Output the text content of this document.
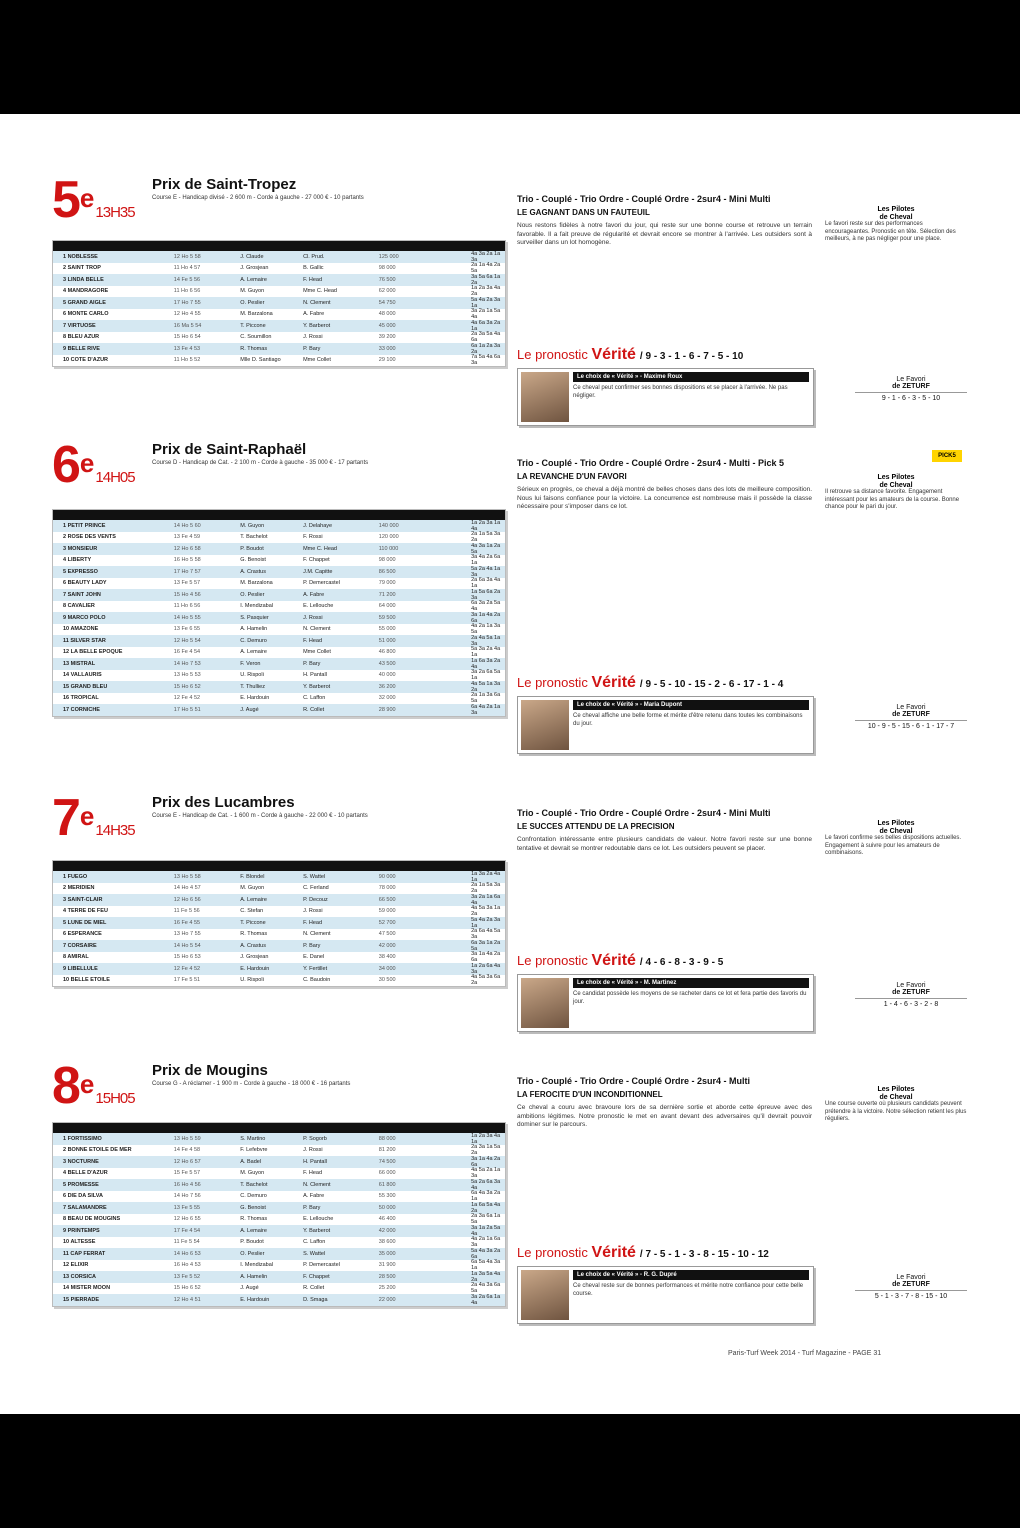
5e 13H35
Prix de Saint-Tropez
Course E - Handicap divisé - 2 600 m - Corde à gauche - 27 000 € - 10 partants
1 NOBLESSE	12 Ho 5 58	J. Claude	Cl. Prud.	125 000	4a 3a 2a 1a 3a
2 SAINT TROP	11 Ho 4 57	J. Grosjean	B. Gallic	98 000	2a 1a 4a 2a 5a
3 LINDA BELLE	14 Fe 5 56	A. Lemaire	F. Head	76 500	3a 5a 6a 1a 2a
4 MANDRAGORE	11 Ho 6 56	M. Guyon	Mme C. Head	62 000	1a 2a 3a 4a 2a
5 GRAND AIGLE	17 Ho 7 55	O. Peslier	N. Clement	54 750	5a 4a 2a 3a 1a
6 MONTE CARLO	12 Ho 4 55	M. Barzalona	A. Fabre	48 000	3a 2a 1a 5a 4a
7 VIRTUOSE	16 Ma 5 54	T. Piccone	Y. Barberot	45 000	4a 6a 3a 2a 1a
8 BLEU AZUR	15 Ho 6 54	C. Soumillon	J. Rossi	39 200	2a 3a 5a 4a 6a
9 BELLE RIVE	13 Fe 4 53	R. Thomas	P. Bary	33 000	6a 1a 2a 3a 2a
10 COTE D'AZUR	11 Ho 5 52	Mlle D. Santiago	Mme Collet	29 100	7a 5a 4a 6a 3a
Trio - Couplé - Trio Ordre - Couplé Ordre - 2sur4 - Mini Multi
LE GAGNANT DANS UN FAUTEUIL
Nous restons fidèles à notre favori du jour, qui reste sur une bonne course et retrouve un terrain favorable. Il a fait preuve de régularité et devrait encore se montrer à l'arrivée. Les outsiders sont à surveiller dans un lot homogène.
Les Pilotes
de Cheval
Le favori reste sur des performances encourageantes. Pronostic en tête. Sélection des meilleurs, à ne pas négliger pour une place.
Le pronostic Vérité / 9 - 3 - 1 - 6 - 7 - 5 - 10
Le choix de « Vérité » - Maxime Roux
Ce cheval peut confirmer ses bonnes dispositions et se placer à l'arrivée. Ne pas négliger.
Le Favori
de ZETURF
9 - 1 - 6 - 3 - 5 - 10
6e 14H05
Prix de Saint-Raphaël
Course D - Handicap de Cat. - 2 100 m - Corde à gauche - 35 000 € - 17 partants
1 PETIT PRINCE	14 Ho 5 60	M. Guyon	J. Delahaye	140 000	1a 2a 3a 1a 4a
2 ROSE DES VENTS	13 Fe 4 59	T. Bachelot	F. Rossi	120 000	2a 1a 5a 3a 2a
3 MONSIEUR	12 Ho 6 58	P. Boudot	Mme C. Head	110 000	4a 3a 1a 2a 5a
4 LIBERTY	16 Ho 5 58	G. Benoist	F. Chappet	98 000	3a 4a 2a 6a 1a
5 EXPRESSO	17 Ho 7 57	A. Crastus	J.M. Capitte	86 500	5a 2a 4a 1a 3a
6 BEAUTY LADY	13 Fe 5 57	M. Barzalona	P. Demercastel	79 000	2a 6a 3a 4a 1a
7 SAINT JOHN	15 Ho 4 56	O. Peslier	A. Fabre	71 200	1a 5a 6a 2a 3a
8 CAVALIER	11 Ho 6 56	I. Mendizabal	E. Lellouche	64 000	6a 3a 2a 5a 4a
9 MARCO POLO	14 Ho 5 55	S. Pasquier	J. Rossi	59 500	3a 1a 4a 2a 6a
10 AMAZONE	13 Fe 6 55	A. Hamelin	N. Clement	55 000	4a 2a 1a 3a 5a
11 SILVER STAR	12 Ho 5 54	C. Demuro	F. Head	51 000	2a 4a 5a 1a 3a
12 LA BELLE EPOQUE	16 Fe 4 54	A. Lemaire	Mme Collet	46 800	5a 3a 2a 4a 1a
13 MISTRAL	14 Ho 7 53	F. Veron	P. Bary	43 500	1a 6a 3a 2a 4a
14 VALLAURIS	13 Ho 5 53	U. Rispoli	H. Pantall	40 000	3a 2a 6a 5a 1a
15 GRAND BLEU	15 Ho 6 52	T. Thulliez	Y. Barberot	36 200	4a 5a 1a 3a 2a
16 TROPICAL	12 Fe 4 52	E. Hardouin	C. Laffon	32 000	2a 1a 3a 6a 5a
17 CORNICHE	17 Ho 5 51	J. Augé	R. Collet	28 900	6a 4a 2a 1a 3a
Trio - Couplé - Trio Ordre - Couplé Ordre - 2sur4 - Multi - Pick 5
LA REVANCHE D'UN FAVORI
Sérieux en progrès, ce cheval a déjà montré de belles choses dans des lots de meilleure composition. Nous lui faisons confiance pour la victoire. La concurrence est nombreuse mais il possède la classe nécessaire pour s'imposer dans ce lot.
Les Pilotes
de Cheval
Il retrouve sa distance favorite. Engagement intéressant pour les amateurs de la course. Bonne chance pour le pari du jour.
PICK5
Le pronostic Vérité / 9 - 5 - 10 - 15 - 2 - 6 - 17 - 1 - 4
Le choix de « Vérité » - Maria Dupont
Ce cheval affiche une belle forme et mérite d'être retenu dans toutes les combinaisons du jour.
Le Favori
de ZETURF
10 - 9 - 5 - 15 - 6 - 1 - 17 - 7
7e 14H35
Prix des Lucambres
Course E - Handicap de Cat. - 1 600 m - Corde à gauche - 22 000 € - 10 partants
1 FUEGO	13 Ho 5 58	F. Blondel	S. Wattel	90 000	1a 3a 2a 4a 1a
2 MERIDIEN	14 Ho 4 57	M. Guyon	C. Ferland	78 000	2a 1a 5a 3a 2a
3 SAINT-CLAIR	12 Ho 6 56	A. Lemaire	P. Decouz	66 500	3a 2a 1a 6a 4a
4 TERRE DE FEU	11 Fe 5 56	C. Stefan	J. Rossi	59 000	4a 5a 3a 1a 2a
5 LUNE DE MIEL	16 Fe 4 55	T. Piccone	F. Head	52 700	5a 4a 2a 3a 1a
6 ESPERANCE	13 Ho 7 55	R. Thomas	N. Clement	47 500	2a 6a 4a 5a 3a
7 CORSAIRE	14 Ho 5 54	A. Crastus	P. Bary	42 000	6a 3a 1a 2a 5a
8 AMIRAL	15 Ho 6 53	J. Grosjean	E. Danel	38 400	3a 1a 4a 2a 6a
9 LIBELLULE	12 Fe 4 52	E. Hardouin	Y. Fertillet	34 000	1a 2a 6a 4a 3a
10 BELLE ETOILE	17 Fe 5 51	U. Rispoli	C. Baudoin	30 500	4a 5a 3a 6a 2a
Trio - Couplé - Trio Ordre - Couplé Ordre - 2sur4 - Mini Multi
LE SUCCES ATTENDU DE LA PRECISION
Confrontation intéressante entre plusieurs candidats de valeur. Notre favori reste sur une bonne tentative et devrait se montrer redoutable dans ce lot. Les outsiders peuvent se placer.
Les Pilotes
de Cheval
Le favori confirme ses belles dispositions actuelles. Engagement à suivre pour les amateurs de combinaisons.
Le pronostic Vérité / 4 - 6 - 8 - 3 - 9 - 5
Le choix de « Vérité » - M. Martinez
Ce candidat possède les moyens de se racheter dans ce lot et fera partie des favoris du jour.
Le Favori
de ZETURF
1 - 4 - 6 - 3 - 2 - 8
8e 15H05
Prix de Mougins
Course G - A réclamer - 1 900 m - Corde à gauche - 18 000 € - 16 partants
1 FORTISSIMO	13 Ho 5 59	S. Martino	P. Sogorb	88 000	1a 2a 3a 4a 1a
2 BONNE ETOILE DE MER	14 Fe 4 58	F. Lefebvre	J. Rossi	81 200	2a 3a 1a 5a 2a
3 NOCTURNE	12 Ho 6 57	A. Badel	H. Pantall	74 500	3a 1a 4a 2a 6a
4 BELLE D'AZUR	15 Fe 5 57	M. Guyon	F. Head	66 000	4a 5a 2a 1a 3a
5 PROMESSE	16 Ho 4 56	T. Bachelot	N. Clement	61 800	5a 2a 6a 3a 4a
6 DIE DA SILVA	14 Ho 7 56	C. Demuro	A. Fabre	55 300	6a 4a 3a 2a 1a
7 SALAMANDRE	13 Fe 5 55	G. Benoist	P. Bary	50 000	1a 6a 5a 4a 2a
8 BEAU DE MOUGINS	12 Ho 6 55	R. Thomas	E. Lellouche	46 400	2a 3a 6a 1a 5a
9 PRINTEMPS	17 Fe 4 54	A. Lemaire	Y. Barberot	42 000	3a 1a 2a 5a 4a
10 ALTESSE	11 Fe 5 54	P. Boudot	C. Laffon	38 600	4a 2a 1a 6a 3a
11 CAP FERRAT	14 Ho 6 53	O. Peslier	S. Wattel	35 000	5a 4a 3a 2a 6a
12 ELIXIR	16 Ho 4 53	I. Mendizabal	P. Demercastel	31 900	6a 5a 4a 3a 1a
13 CORSICA	13 Fe 5 52	A. Hamelin	F. Chappet	28 500	1a 3a 5a 4a 2a
14 MISTER MOON	15 Ho 6 52	J. Augé	R. Collet	25 200	2a 4a 3a 6a 5a
15 PIERRADE	12 Ho 4 51	E. Hardouin	D. Smaga	22 000	3a 2a 6a 1a 4a
Trio - Couplé - Trio Ordre - Couplé Ordre - 2sur4 - Multi
LA FEROCITE D'UN INCONDITIONNEL
Ce cheval a couru avec bravoure lors de sa dernière sortie et aborde cette épreuve avec des ambitions légitimes. Notre pronostic le met en avant devant des adversaires qu'il devrait pouvoir dominer sur le parcours.
Les Pilotes
de Cheval
Une course ouverte où plusieurs candidats peuvent prétendre à la victoire. Notre sélection retient les plus réguliers.
Le pronostic Vérité / 7 - 5 - 1 - 3 - 8 - 15 - 10 - 12
Le choix de « Vérité » - R. G. Dupré
Ce cheval reste sur de bonnes performances et mérite notre confiance pour cette belle course.
Le Favori
de ZETURF
5 - 1 - 3 - 7 - 8 - 15 - 10
Paris-Turf Week 2014 - Turf Magazine - PAGE 31
